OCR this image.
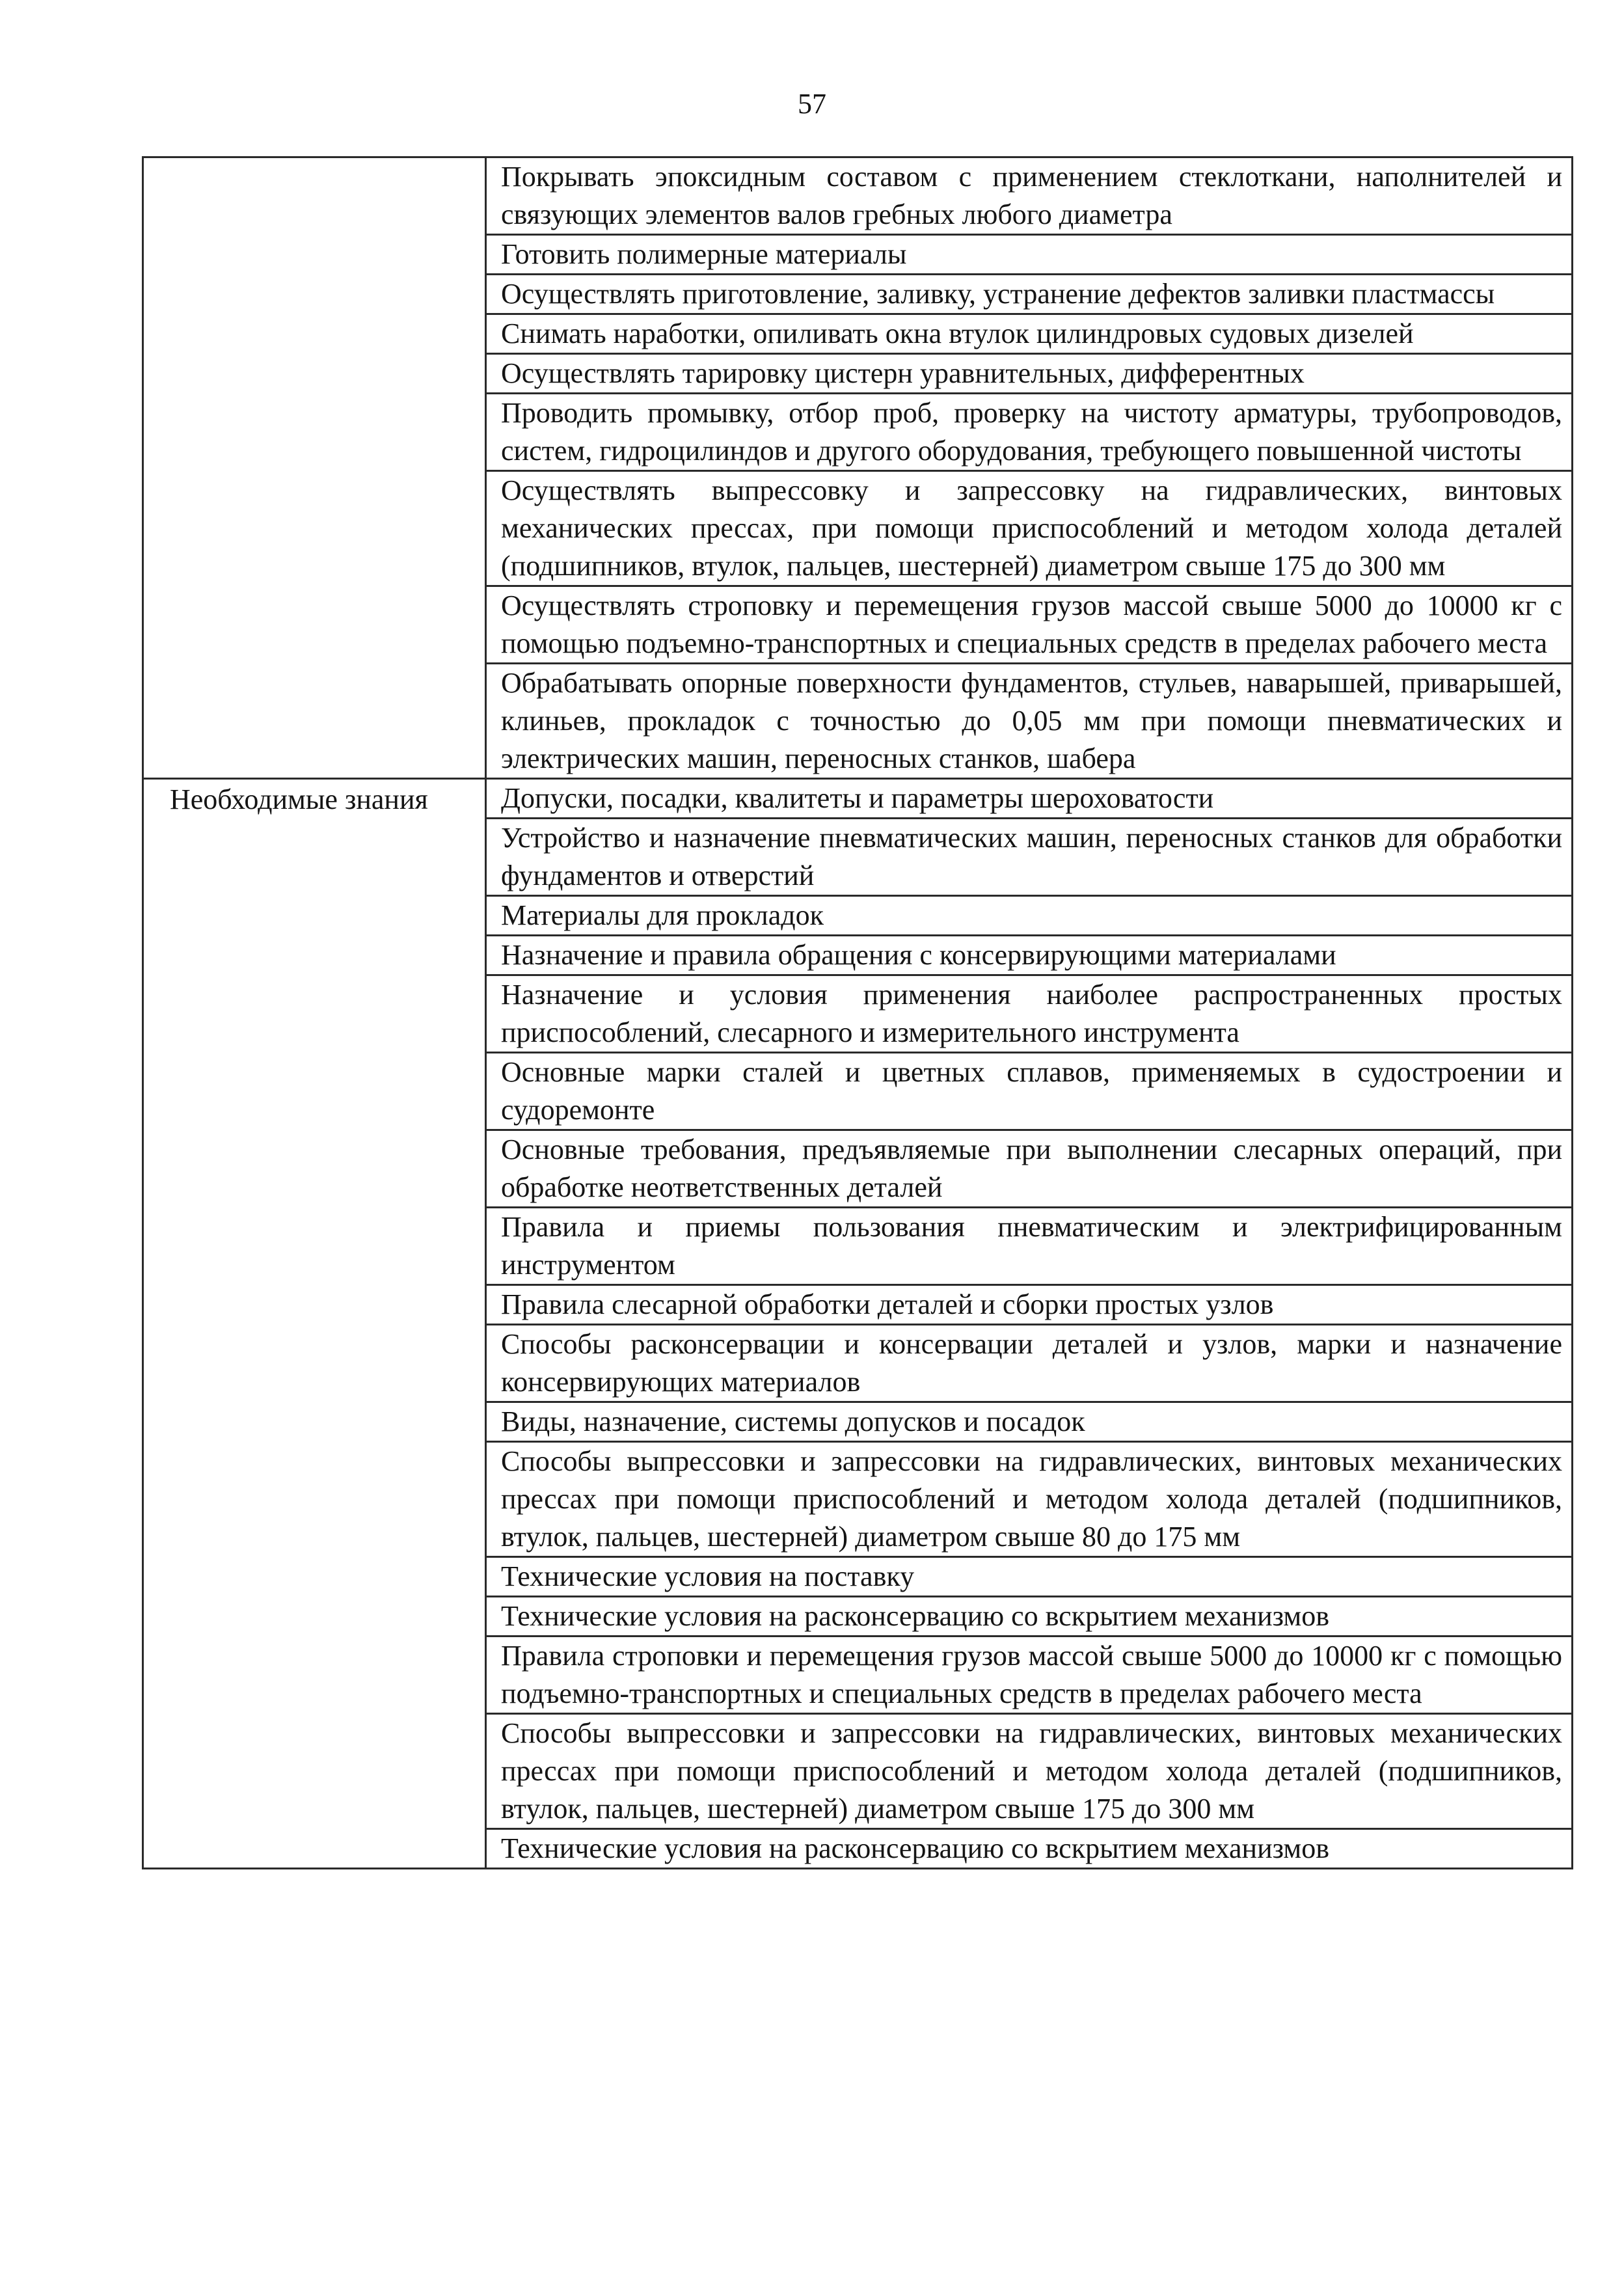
57
	Покрывать эпоксидным составом с применением стеклоткани, наполнителей и связующих элементов валов гребных любого диаметра
	Готовить полимерные материалы
	Осуществлять приготовление, заливку, устранение дефектов заливки пластмассы
	Снимать наработки, опиливать окна втулок цилиндровых судовых дизелей
	Осуществлять тарировку цистерн уравнительных, дифферентных
	Проводить промывку, отбор проб, проверку на чистоту арматуры, трубопроводов, систем, гидроцилиндов и другого оборудования, требующего повышенной чистоты
	Осуществлять выпрессовку и запрессовку на гидравлических, винтовых механических прессах, при помощи приспособлений и методом холода деталей (подшипников, втулок, пальцев, шестерней) диаметром свыше 175 до 300 мм
	Осуществлять строповку и перемещения грузов массой свыше 5000 до 10000 кг с помощью подъемно-транспортных и специальных средств в пределах рабочего места
	Обрабатывать опорные поверхности фундаментов, стульев, наварышей, приварышей, клиньев, прокладок с точностью до 0,05 мм при помощи пневматических и электрических машин, переносных станков, шабера
Необходимые знания	Допуски, посадки, квалитеты и параметры шероховатости
	Устройство и назначение пневматических машин, переносных станков для обработки фундаментов и отверстий
	Материалы для прокладок
	Назначение и правила обращения с консервирующими материалами
	Назначение и условия применения наиболее распространенных простых приспособлений, слесарного и измерительного инструмента
	Основные марки сталей и цветных сплавов, применяемых в судостроении и судоремонте
	Основные требования, предъявляемые при выполнении слесарных операций, при обработке неответственных деталей
	Правила и приемы пользования пневматическим и электрифицированным инструментом
	Правила слесарной обработки деталей и сборки простых узлов
	Способы расконсервации и консервации деталей и узлов, марки и назначение консервирующих материалов
	Виды, назначение, системы допусков и посадок
	Способы выпрессовки и запрессовки на гидравлических, винтовых механических прессах при помощи приспособлений и методом холода деталей (подшипников, втулок, пальцев, шестерней) диаметром свыше 80 до 175 мм
	Технические условия на поставку
	Технические условия на расконсервацию со вскрытием механизмов
	Правила строповки и перемещения грузов массой свыше 5000 до 10000 кг с помощью подъемно-транспортных и специальных средств в пределах рабочего места
	Способы выпрессовки и запрессовки на гидравлических, винтовых механических прессах при помощи приспособлений и методом холода деталей (подшипников, втулок, пальцев, шестерней) диаметром свыше 175 до 300 мм
	Технические условия на расконсервацию со вскрытием механизмов
